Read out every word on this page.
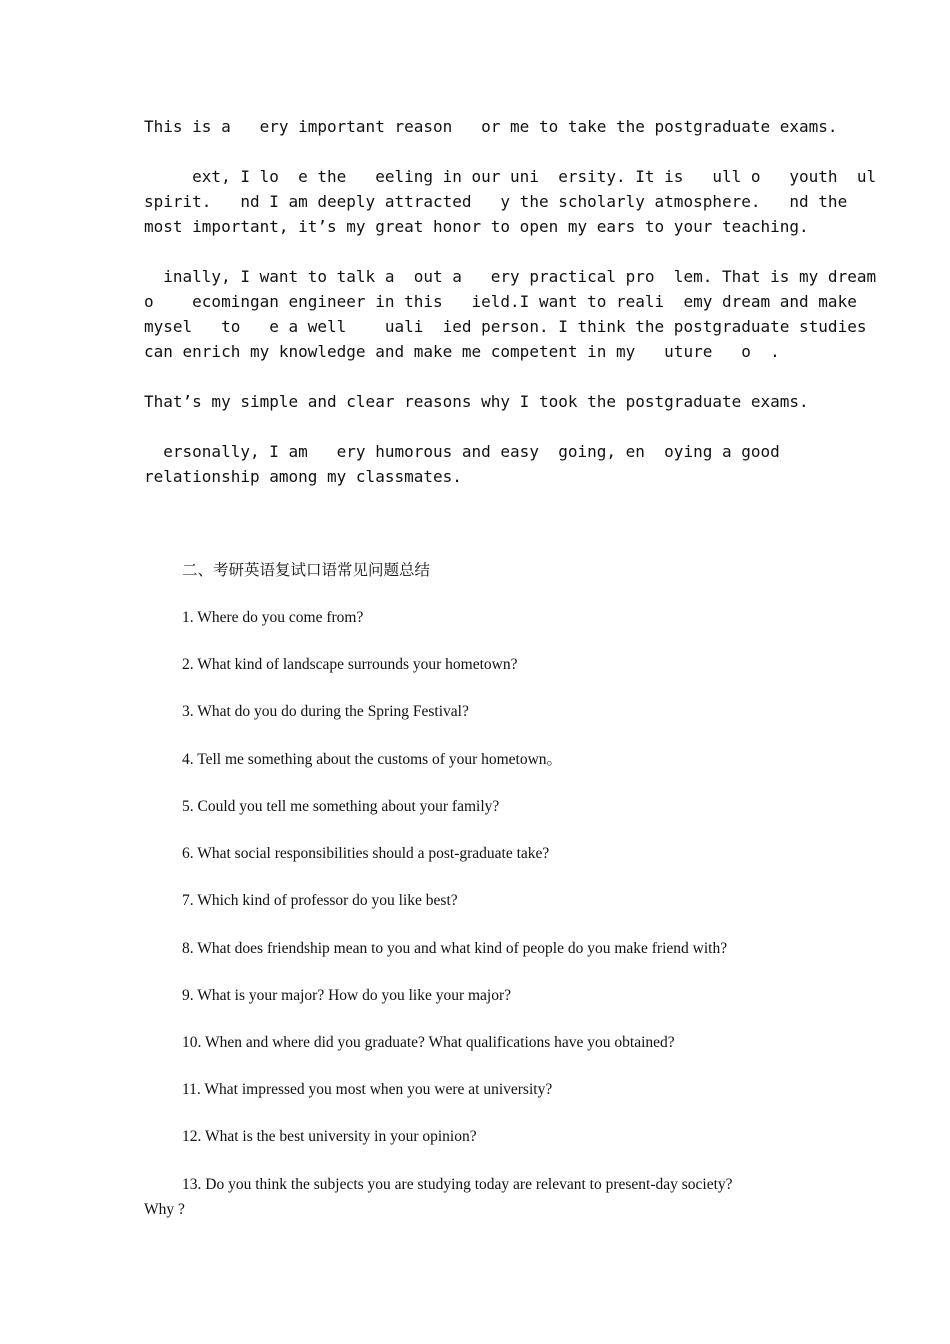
This is a   ery important reason   or me to take the postgraduate exams.
ext, I lo  e the   eeling in our uni  ersity. It is   ull o   youth  ul
spirit.   nd I am deeply attracted   y the scholarly atmosphere.   nd the
most important, it’s my great honor to open my ears to your teaching.
inally, I want to talk a  out a   ery practical pro  lem. That is my dream
o    ecomingan engineer in this   ield.I want to reali  emy dream and make
mysel   to   e a well    uali  ied person. I think the postgraduate studies
can enrich my knowledge and make me competent in my   uture   o  .
That’s my simple and clear reasons why I took the postgraduate exams.
ersonally, I am   ery humorous and easy  going, en  oying a good
relationship among my classmates.
二、考研英语复试口语常见问题总结
1. Where do you come from?
2. What kind of landscape surrounds your hometown?
3. What do you do during the Spring Festival?
4. Tell me something about the customs of your hometown。
5. Could you tell me something about your family?
6. What social responsibilities should a post-graduate take?
7. Which kind of professor do you like best?
8. What does friendship mean to you and what kind of people do you make friend with?
9. What is your major? How do you like your major?
10. When and where did you graduate? What qualifications have you obtained?
11. What impressed you most when you were at university?
12. What is the best university in your opinion?
13. Do you think the subjects you are studying today are relevant to present-day society?
Why ?
